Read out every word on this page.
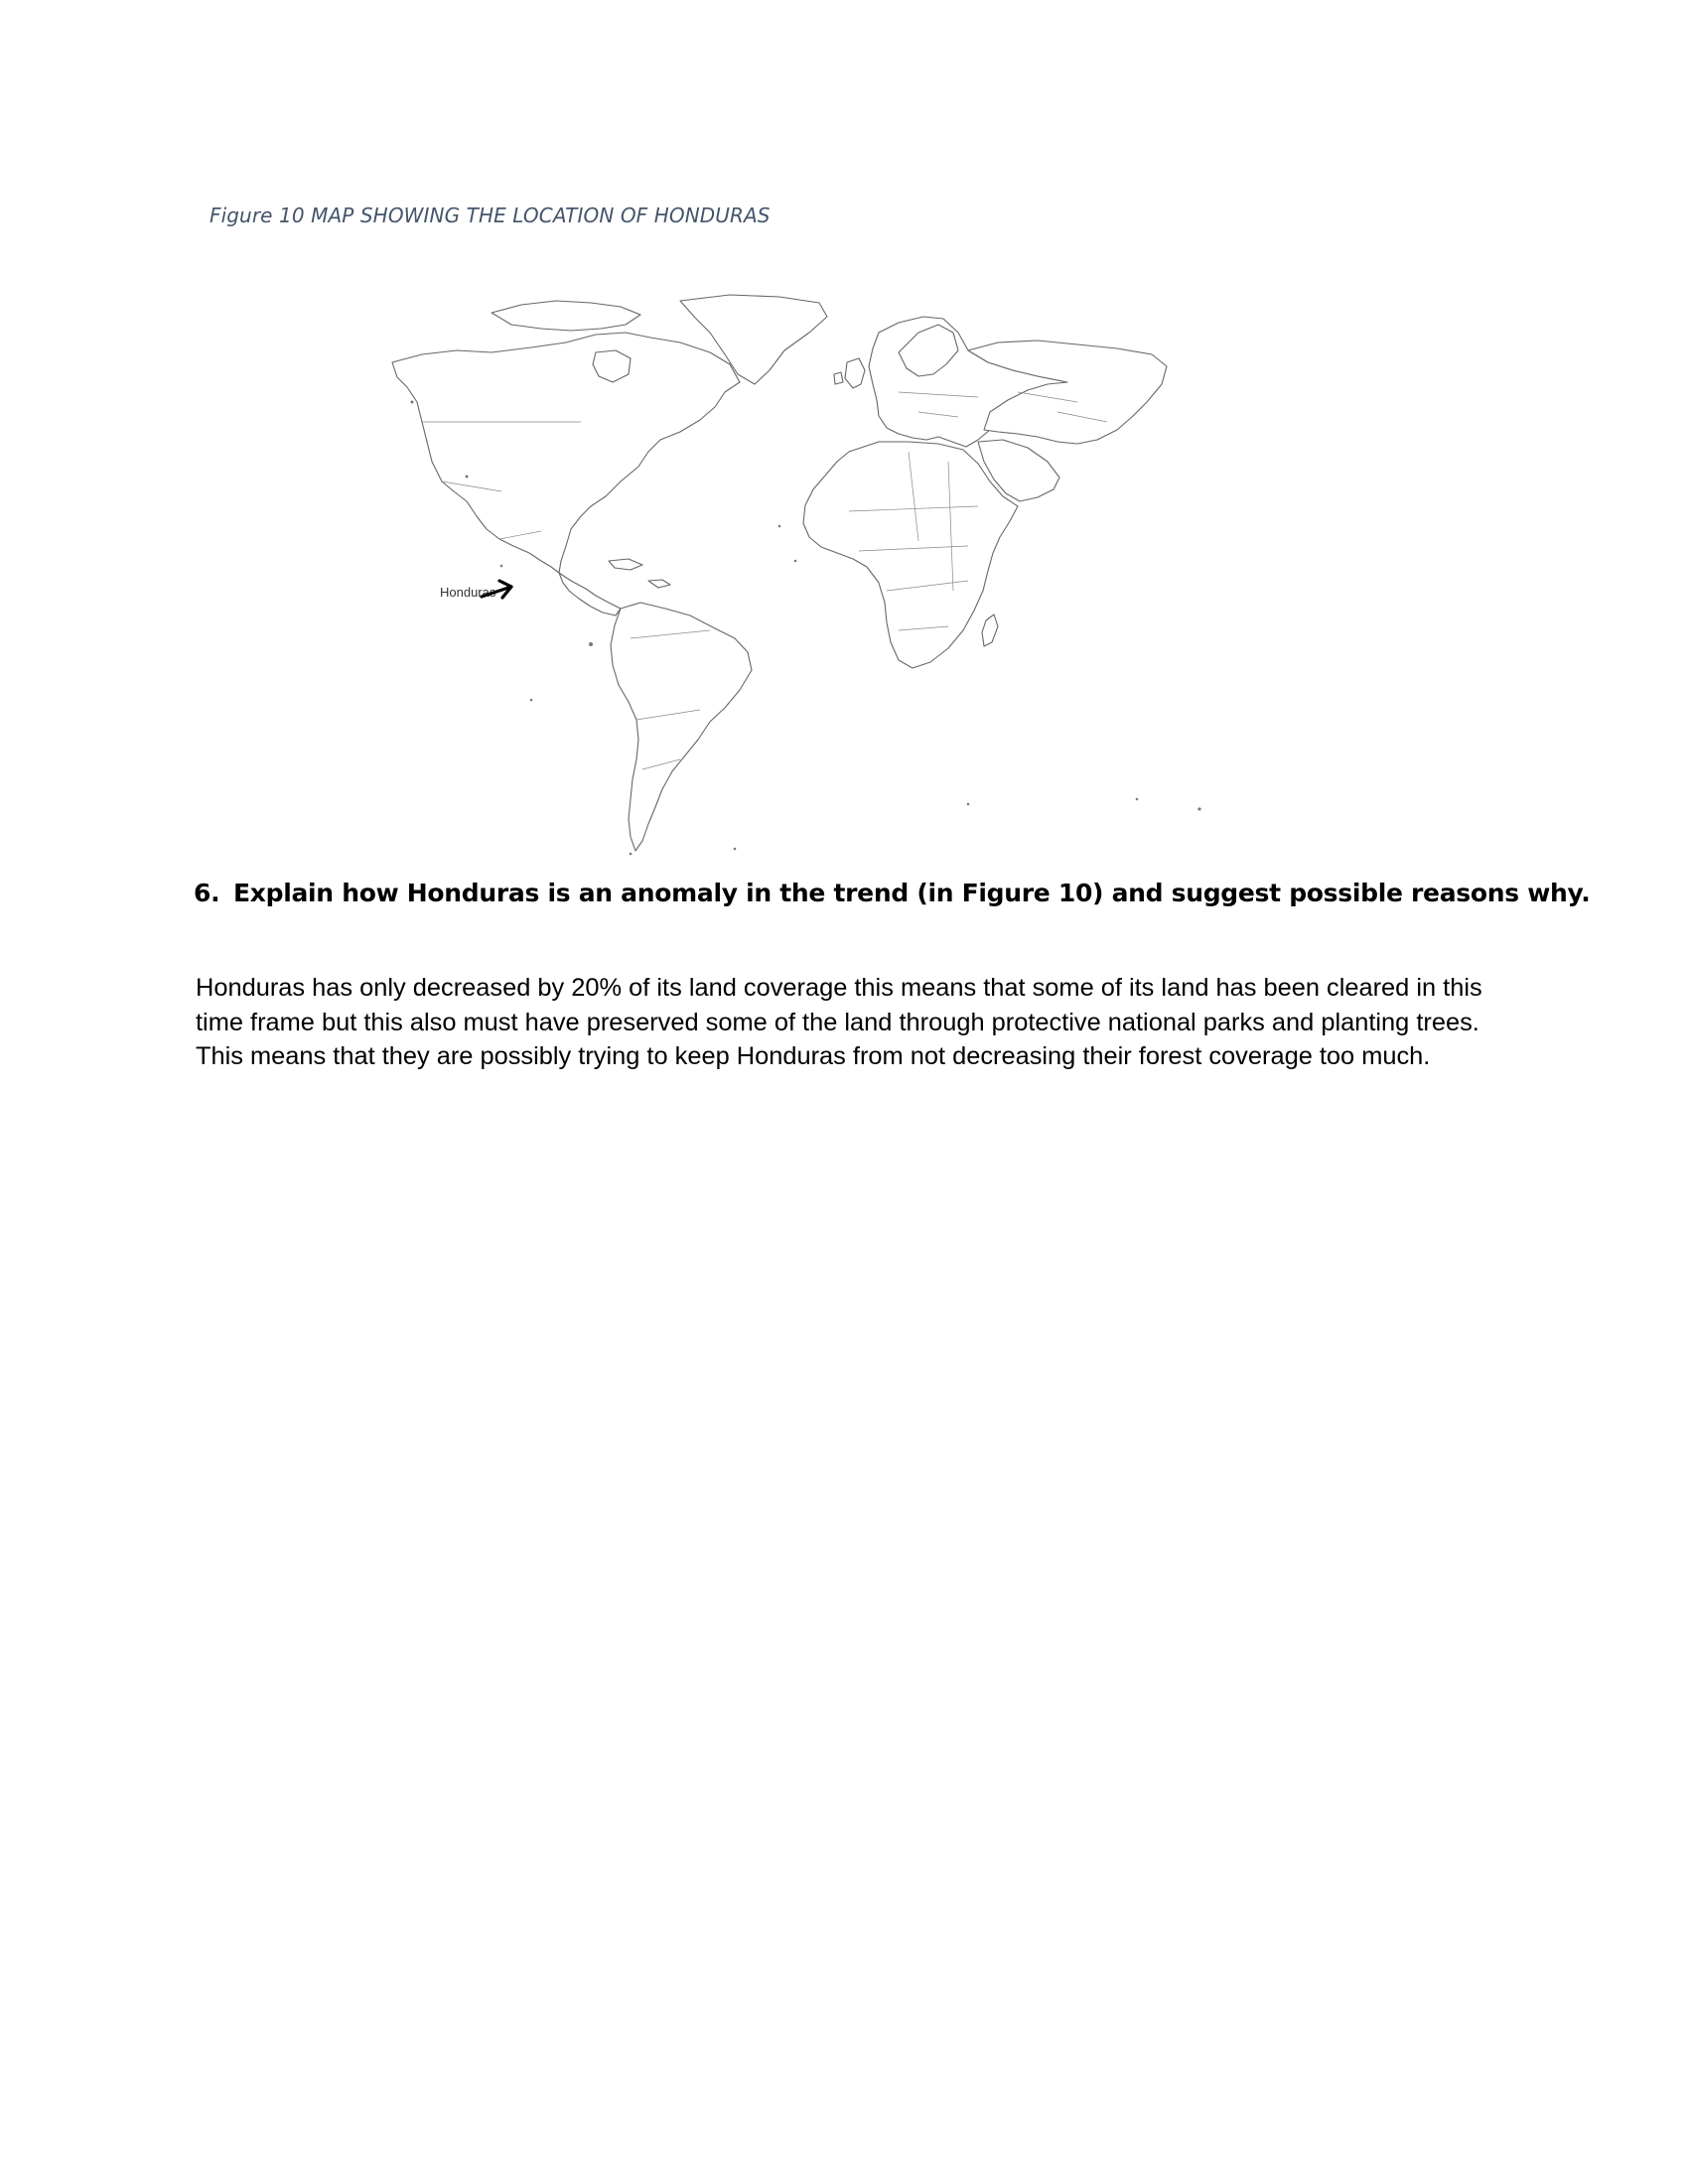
Figure 10 MAP SHOWING THE LOCATION OF HONDURAS
Honduras
6. Explain how Honduras is an anomaly in the trend (in Figure 10) and suggest possible reasons why.

Honduras has only decreased by 20% of its land coverage this means that some of its land has been cleared in this time frame but this also must have preserved some of the land through protective national parks and planting trees. This means that they are possibly trying to keep Honduras from not decreasing their forest coverage too much.
